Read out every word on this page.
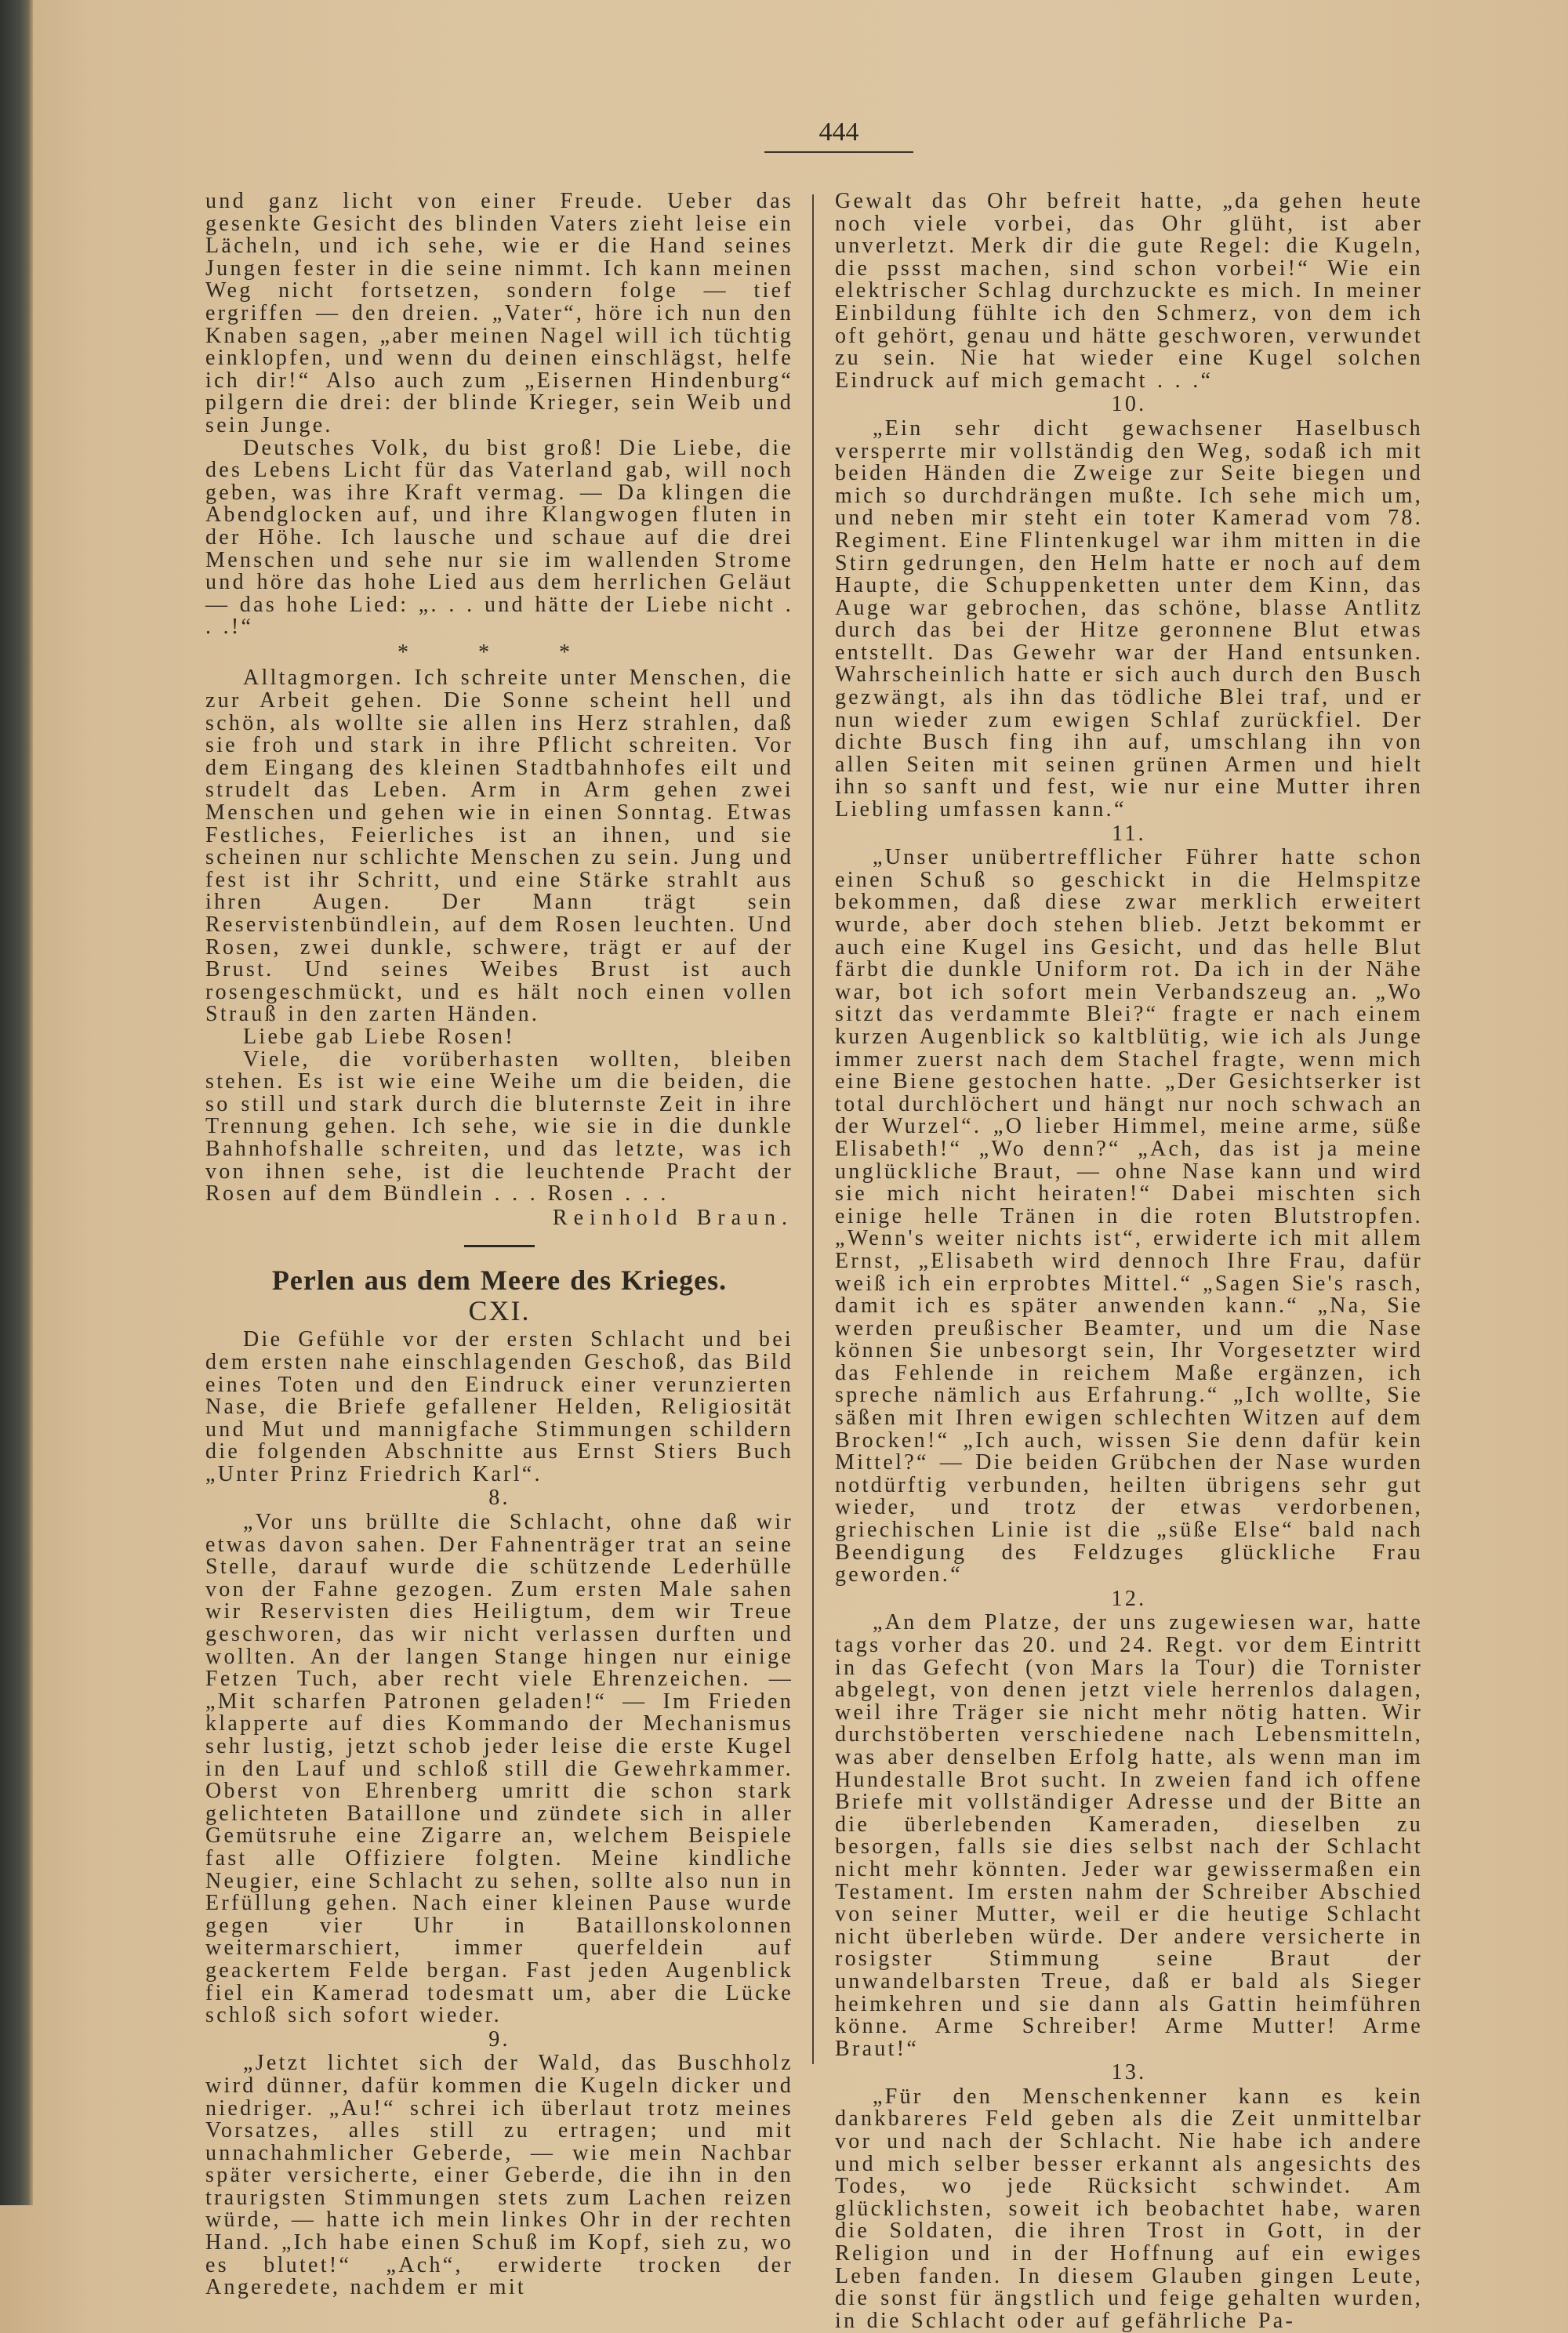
444

und ganz licht von einer Freude. Ueber das gesenkte Gesicht des blinden Vaters zieht leise ein Lächeln, und ich sehe, wie er die Hand seines Jungen fester in die seine nimmt. Ich kann meinen Weg nicht fortsetzen, sondern folge — tief ergriffen — den dreien. „Vater“, höre ich nun den Knaben sagen, „aber meinen Nagel will ich tüchtig einklopfen, und wenn du deinen einschlägst, helfe ich dir!“ Also auch zum „Eisernen Hindenburg“ pilgern die drei: der blinde Krieger, sein Weib und sein Junge.

Deutsches Volk, du bist groß! Die Liebe, die des Lebens Licht für das Vaterland gab, will noch geben, was ihre Kraft vermag. — Da klingen die Abendglocken auf, und ihre Klangwogen fluten in der Höhe. Ich lausche und schaue auf die drei Menschen und sehe nur sie im wallenden Strome und höre das hohe Lied aus dem herrlichen Geläut — das hohe Lied: „. . . und hätte der Liebe nicht . . .!“

* * *

Alltagmorgen. Ich schreite unter Menschen, die zur Arbeit gehen. Die Sonne scheint hell und schön, als wollte sie allen ins Herz strahlen, daß sie froh und stark in ihre Pflicht schreiten. Vor dem Eingang des kleinen Stadtbahnhofes eilt und strudelt das Leben. Arm in Arm gehen zwei Menschen und gehen wie in einen Sonntag. Etwas Festliches, Feierliches ist an ihnen, und sie scheinen nur schlichte Menschen zu sein. Jung und fest ist ihr Schritt, und eine Stärke strahlt aus ihren Augen. Der Mann trägt sein Reservistenbündlein, auf dem Rosen leuchten. Und Rosen, zwei dunkle, schwere, trägt er auf der Brust. Und seines Weibes Brust ist auch rosengeschmückt, und es hält noch einen vollen Strauß in den zarten Händen.

Liebe gab Liebe Rosen!

Viele, die vorüberhasten wollten, bleiben stehen. Es ist wie eine Weihe um die beiden, die so still und stark durch die bluternste Zeit in ihre Trennung gehen. Ich sehe, wie sie in die dunkle Bahnhofshalle schreiten, und das letzte, was ich von ihnen sehe, ist die leuchtende Pracht der Rosen auf dem Bündlein . . . Rosen . . .

Reinhold Braun.
Perlen aus dem Meere des Krieges.
CXI.

Die Gefühle vor der ersten Schlacht und bei dem ersten nahe einschlagenden Geschoß, das Bild eines Toten und den Eindruck einer verunzierten Nase, die Briefe gefallener Helden, Religiosität und Mut und mannigfache Stimmungen schildern die folgenden Abschnitte aus Ernst Stiers Buch „Unter Prinz Friedrich Karl“.

8.

„Vor uns brüllte die Schlacht, ohne daß wir etwas davon sahen. Der Fahnenträger trat an seine Stelle, darauf wurde die schützende Lederhülle von der Fahne gezogen. Zum ersten Male sahen wir Reservisten dies Heiligtum, dem wir Treue geschworen, das wir nicht verlassen durften und wollten. An der langen Stange hingen nur einige Fetzen Tuch, aber recht viele Ehrenzeichen. — „Mit scharfen Patronen geladen!“ — Im Frieden klapperte auf dies Kommando der Mechanismus sehr lustig, jetzt schob jeder leise die erste Kugel in den Lauf und schloß still die Gewehrkammer. Oberst von Ehrenberg umritt die schon stark gelichteten Bataillone und zündete sich in aller Gemütsruhe eine Zigarre an, welchem Beispiele fast alle Offiziere folgten. Meine kindliche Neugier, eine Schlacht zu sehen, sollte also nun in Erfüllung gehen. Nach einer kleinen Pause wurde gegen vier Uhr in Bataillonskolonnen weitermarschiert, immer querfeldein auf geackertem Felde bergan. Fast jeden Augenblick fiel ein Kamerad todesmatt um, aber die Lücke schloß sich sofort wieder.

9.

„Jetzt lichtet sich der Wald, das Buschholz wird dünner, dafür kommen die Kugeln dicker und niedriger. „Au!“ schrei ich überlaut trotz meines Vorsatzes, alles still zu ertragen; und mit unnachahmlicher Geberde, — wie mein Nachbar später versicherte, einer Geberde, die ihn in den traurigsten Stimmungen stets zum Lachen reizen würde, — hatte ich mein linkes Ohr in der rechten Hand. „Ich habe einen Schuß im Kopf, sieh zu, wo es blutet!“ „Ach“, erwiderte trocken der Angeredete, nachdem er mit

Gewalt das Ohr befreit hatte, „da gehen heute noch viele vorbei, das Ohr glüht, ist aber unverletzt. Merk dir die gute Regel: die Kugeln, die pssst machen, sind schon vorbei!“ Wie ein elektrischer Schlag durchzuckte es mich. In meiner Einbildung fühlte ich den Schmerz, von dem ich oft gehört, genau und hätte geschworen, verwundet zu sein. Nie hat wieder eine Kugel solchen Eindruck auf mich gemacht . . .“

10.

„Ein sehr dicht gewachsener Haselbusch versperrte mir vollständig den Weg, sodaß ich mit beiden Händen die Zweige zur Seite biegen und mich so durchdrängen mußte. Ich sehe mich um, und neben mir steht ein toter Kamerad vom 78. Regiment. Eine Flintenkugel war ihm mitten in die Stirn gedrungen, den Helm hatte er noch auf dem Haupte, die Schuppenketten unter dem Kinn, das Auge war gebrochen, das schöne, blasse Antlitz durch das bei der Hitze geronnene Blut etwas entstellt. Das Gewehr war der Hand entsunken. Wahrscheinlich hatte er sich auch durch den Busch gezwängt, als ihn das tödliche Blei traf, und er nun wieder zum ewigen Schlaf zurückfiel. Der dichte Busch fing ihn auf, umschlang ihn von allen Seiten mit seinen grünen Armen und hielt ihn so sanft und fest, wie nur eine Mutter ihren Liebling umfassen kann.“

11.

„Unser unübertrefflicher Führer hatte schon einen Schuß so geschickt in die Helmspitze bekommen, daß diese zwar merklich erweitert wurde, aber doch stehen blieb. Jetzt bekommt er auch eine Kugel ins Gesicht, und das helle Blut färbt die dunkle Uniform rot. Da ich in der Nähe war, bot ich sofort mein Verbandszeug an. „Wo sitzt das verdammte Blei?“ fragte er nach einem kurzen Augenblick so kaltblütig, wie ich als Junge immer zuerst nach dem Stachel fragte, wenn mich eine Biene gestochen hatte. „Der Gesichtserker ist total durchlöchert und hängt nur noch schwach an der Wurzel“. „O lieber Himmel, meine arme, süße Elisabeth!“ „Wo denn?“ „Ach, das ist ja meine unglückliche Braut, — ohne Nase kann und wird sie mich nicht heiraten!“ Dabei mischten sich einige helle Tränen in die roten Blutstropfen. „Wenn's weiter nichts ist“, erwiderte ich mit allem Ernst, „Elisabeth wird dennoch Ihre Frau, dafür weiß ich ein erprobtes Mittel.“ „Sagen Sie's rasch, damit ich es später anwenden kann.“ „Na, Sie werden preußischer Beamter, und um die Nase können Sie unbesorgt sein, Ihr Vorgesetzter wird das Fehlende in reichem Maße ergänzen, ich spreche nämlich aus Erfahrung.“ „Ich wollte, Sie säßen mit Ihren ewigen schlechten Witzen auf dem Brocken!“ „Ich auch, wissen Sie denn dafür kein Mittel?“ — Die beiden Grübchen der Nase wurden notdürftig verbunden, heilten übrigens sehr gut wieder, und trotz der etwas verdorbenen, griechischen Linie ist die „süße Else“ bald nach Beendigung des Feldzuges glückliche Frau geworden.“

12.

„An dem Platze, der uns zugewiesen war, hatte tags vorher das 20. und 24. Regt. vor dem Eintritt in das Gefecht (von Mars la Tour) die Tornister abgelegt, von denen jetzt viele herrenlos dalagen, weil ihre Träger sie nicht mehr nötig hatten. Wir durchstöberten verschiedene nach Lebensmitteln, was aber denselben Erfolg hatte, als wenn man im Hundestalle Brot sucht. In zweien fand ich offene Briefe mit vollständiger Adresse und der Bitte an die überlebenden Kameraden, dieselben zu besorgen, falls sie dies selbst nach der Schlacht nicht mehr könnten. Jeder war gewissermaßen ein Testament. Im ersten nahm der Schreiber Abschied von seiner Mutter, weil er die heutige Schlacht nicht überleben würde. Der andere versicherte in rosigster Stimmung seine Braut der unwandelbarsten Treue, daß er bald als Sieger heimkehren und sie dann als Gattin heimführen könne. Arme Schreiber! Arme Mutter! Arme Braut!“

13.

„Für den Menschenkenner kann es kein dankbareres Feld geben als die Zeit unmittelbar vor und nach der Schlacht. Nie habe ich andere und mich selber besser erkannt als angesichts des Todes, wo jede Rücksicht schwindet. Am glücklichsten, soweit ich beobachtet habe, waren die Soldaten, die ihren Trost in Gott, in der Religion und in der Hoffnung auf ein ewiges Leben fanden. In diesem Glauben gingen Leute, die sonst für ängstlich und feige gehalten wurden, in die Schlacht oder auf gefährliche Pa-
